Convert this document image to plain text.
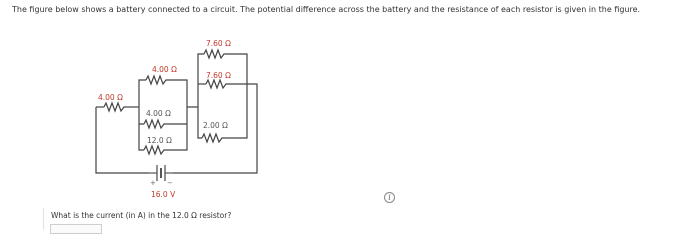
The figure below shows a battery connected to a circuit. The potential difference across the battery and the resistance of each resistor is given in the figure.
+ −
16.0 V
4.00 Ω
4.00 Ω
4.00 Ω
12.0 Ω
7.60 Ω
7.60 Ω
2.00 Ω
i
What is the current (in A) in the 12.0 Ω resistor?
